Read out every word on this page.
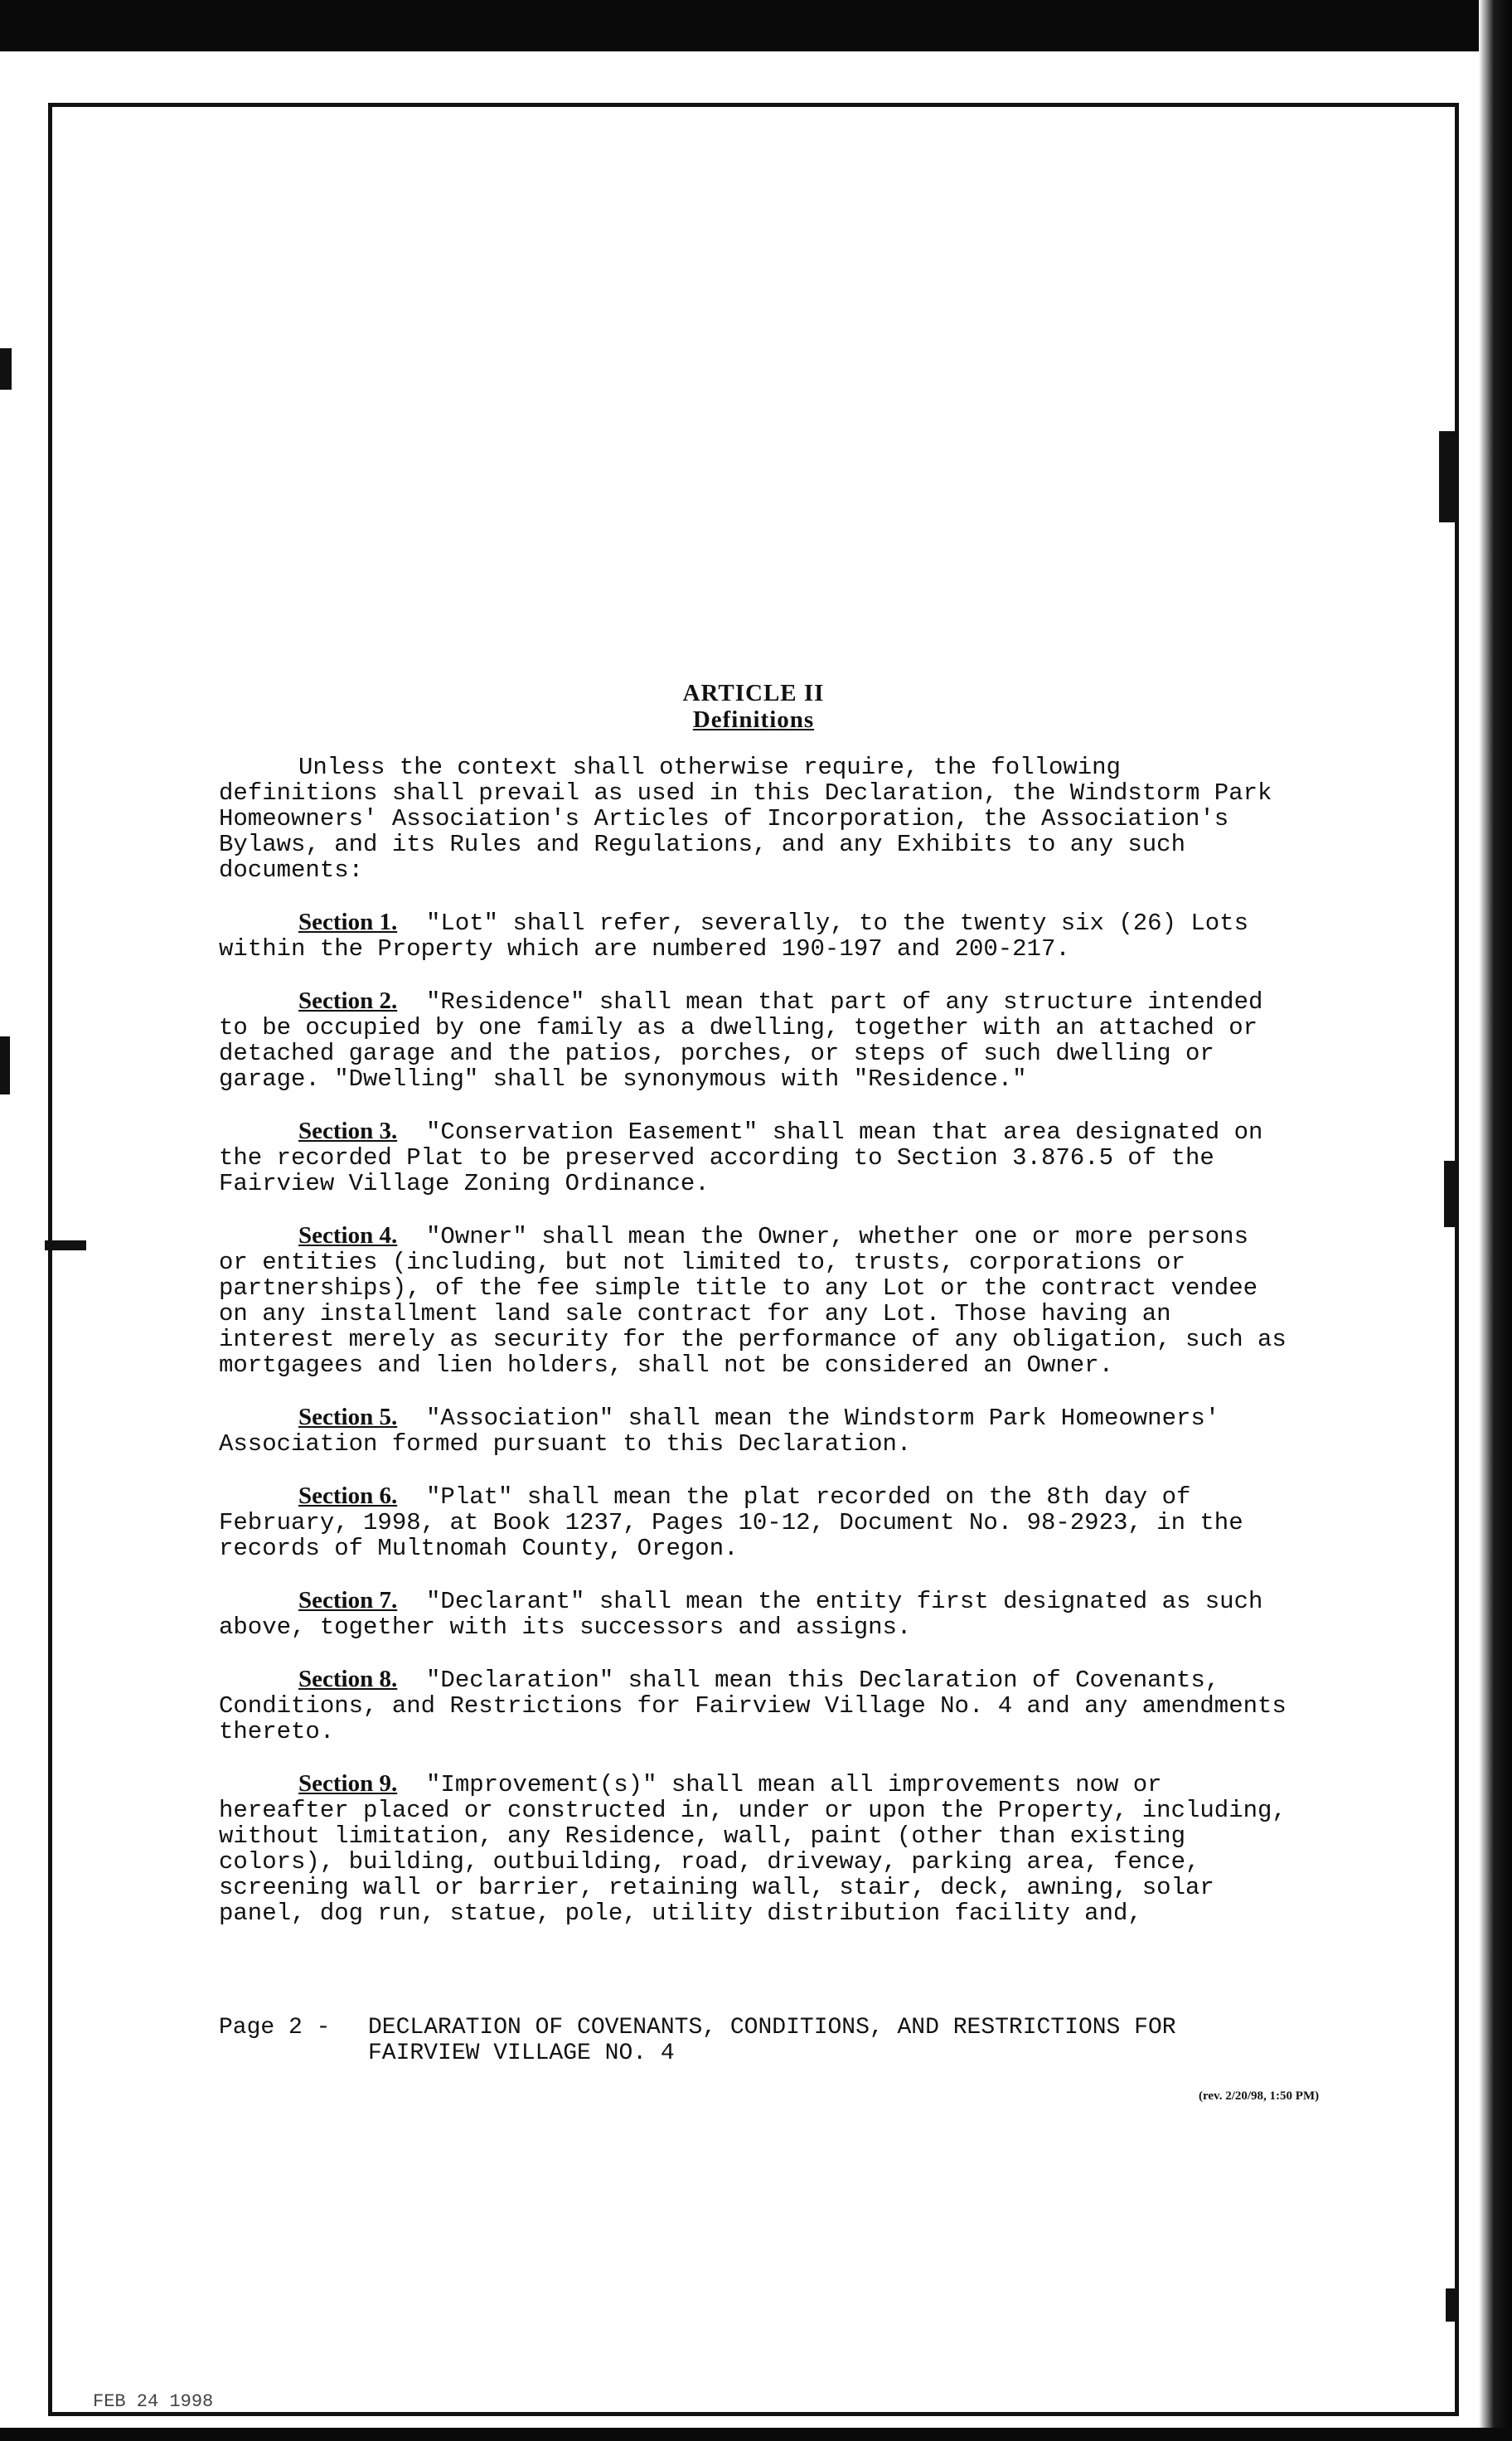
ARTICLE II
Definitions

Unless the context shall otherwise require, the following definitions shall prevail as used in this Declaration, the Windstorm Park Homeowners' Association's Articles of Incorporation, the Association's Bylaws, and its Rules and Regulations, and any Exhibits to any such documents:

Section 1. "Lot" shall refer, severally, to the twenty six (26) Lots within the Property which are numbered 190-197 and 200-217.

Section 2. "Residence" shall mean that part of any structure intended to be occupied by one family as a dwelling, together with an attached or detached garage and the patios, porches, or steps of such dwelling or garage. "Dwelling" shall be synonymous with "Residence."

Section 3. "Conservation Easement" shall mean that area designated on the recorded Plat to be preserved according to Section 3.876.5 of the Fairview Village Zoning Ordinance.

Section 4. "Owner" shall mean the Owner, whether one or more persons or entities (including, but not limited to, trusts, corporations or partnerships), of the fee simple title to any Lot or the contract vendee on any installment land sale contract for any Lot. Those having an interest merely as security for the performance of any obligation, such as mortgagees and lien holders, shall not be considered an Owner.

Section 5. "Association" shall mean the Windstorm Park Homeowners' Association formed pursuant to this Declaration.

Section 6. "Plat" shall mean the plat recorded on the 8th day of February, 1998, at Book 1237, Pages 10-12, Document No. 98-2923, in the records of Multnomah County, Oregon.

Section 7. "Declarant" shall mean the entity first designated as such above, together with its successors and assigns.

Section 8. "Declaration" shall mean this Declaration of Covenants, Conditions, and Restrictions for Fairview Village No. 4 and any amendments thereto.

Section 9. "Improvement(s)" shall mean all improvements now or hereafter placed or constructed in, under or upon the Property, including, without limitation, any Residence, wall, paint (other than existing colors), building, outbuilding, road, driveway, parking area, fence, screening wall or barrier, retaining wall, stair, deck, awning, solar panel, dog run, statue, pole, utility distribution facility and,

Page 2 -	DECLARATION OF COVENANTS, CONDITIONS, AND RESTRICTIONS FOR
FAIRVIEW VILLAGE NO. 4
(rev. 2/20/98, 1:50 PM)
FEB 24 1998
